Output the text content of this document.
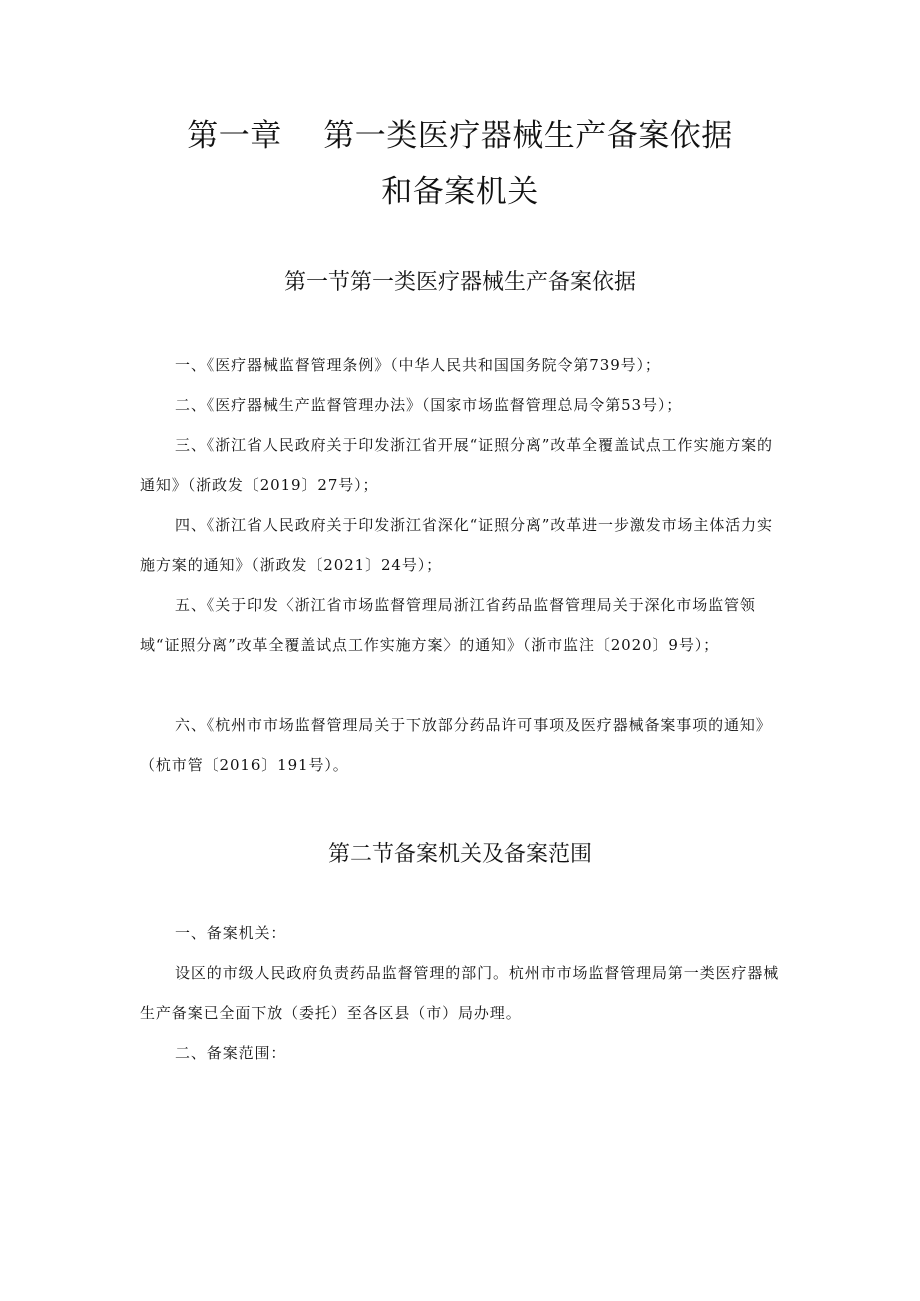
第一章    第一类医疗器械生产备案依据
和备案机关
第一节第一类医疗器械生产备案依据

一、《医疗器械监督管理条例》（中华人民共和国国务院令第739号）；

二、《医疗器械生产监督管理办法》（国家市场监督管理总局令第53号）；

三、《浙江省人民政府关于印发浙江省开展“证照分离”改革全覆盖试点工作实施方案的通知》（浙政发〔2019〕27号）；

四、《浙江省人民政府关于印发浙江省深化“证照分离”改革进一步激发市场主体活力实施方案的通知》（浙政发〔2021〕24号）；

五、《关于印发〈浙江省市场监督管理局浙江省药品监督管理局关于深化市场监管领域“证照分离”改革全覆盖试点工作实施方案〉的通知》（浙市监注〔2020〕9号）；

六、《杭州市市场监督管理局关于下放部分药品许可事项及医疗器械备案事项的通知》（杭市管〔2016〕191号）。

第二节备案机关及备案范围

一、备案机关：

设区的市级人民政府负责药品监督管理的部门。杭州市市场监督管理局第一类医疗器械生产备案已全面下放（委托）至各区县（市）局办理。

二、备案范围：
